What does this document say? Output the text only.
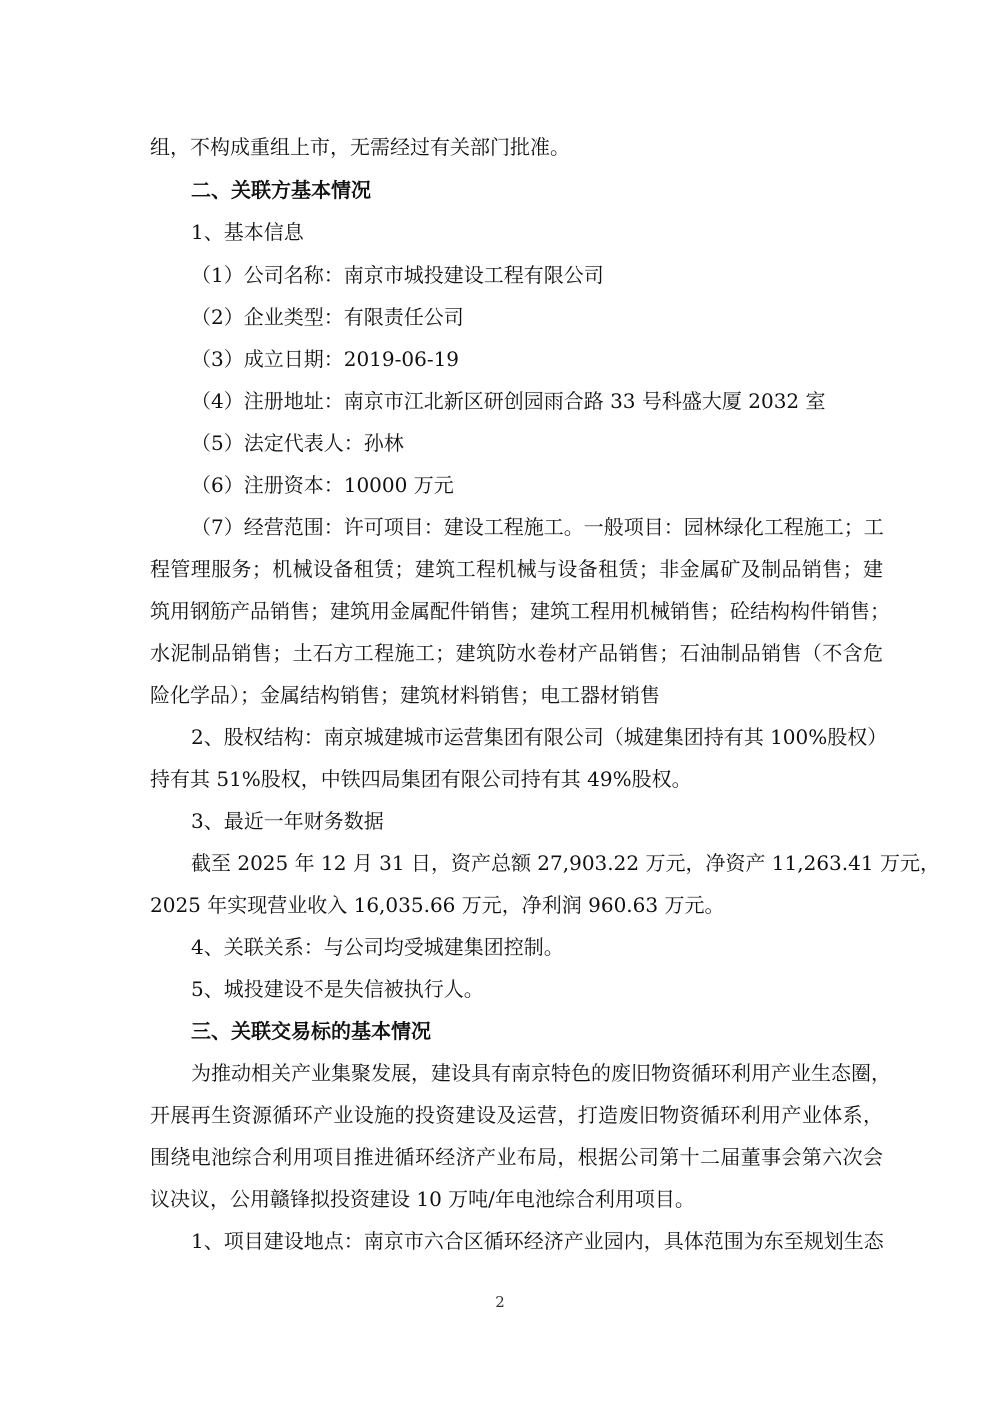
组，不构成重组上市，无需经过有关部门批准。
二、关联方基本情况
1、基本信息
（1）公司名称：南京市城投建设工程有限公司
（2）企业类型：有限责任公司
（3）成立日期：2019-06-19
（4）注册地址：南京市江北新区研创园雨合路 33 号科盛大厦 2032 室
（5）法定代表人：孙林
（6）注册资本：10000 万元
（7）经营范围：许可项目：建设工程施工。一般项目：园林绿化工程施工；工
程管理服务；机械设备租赁；建筑工程机械与设备租赁；非金属矿及制品销售；建
筑用钢筋产品销售；建筑用金属配件销售；建筑工程用机械销售；砼结构构件销售；
水泥制品销售；土石方工程施工；建筑防水卷材产品销售；石油制品销售（不含危
险化学品）；金属结构销售；建筑材料销售；电工器材销售
2、股权结构：南京城建城市运营集团有限公司（城建集团持有其 100%股权）
持有其 51%股权，中铁四局集团有限公司持有其 49%股权。
3、最近一年财务数据
截至 2025 年 12 月 31 日，资产总额 27,903.22 万元，净资产 11,263.41 万元，
2025 年实现营业收入 16,035.66 万元，净利润 960.63 万元。
4、关联关系：与公司均受城建集团控制。
5、城投建设不是失信被执行人。
三、关联交易标的基本情况
为推动相关产业集聚发展，建设具有南京特色的废旧物资循环利用产业生态圈，
开展再生资源循环产业设施的投资建设及运营，打造废旧物资循环利用产业体系，
围绕电池综合利用项目推进循环经济产业布局，根据公司第十二届董事会第六次会
议决议，公用赣锋拟投资建设 10 万吨/年电池综合利用项目。
1、项目建设地点：南京市六合区循环经济产业园内，具体范围为东至规划生态
2
